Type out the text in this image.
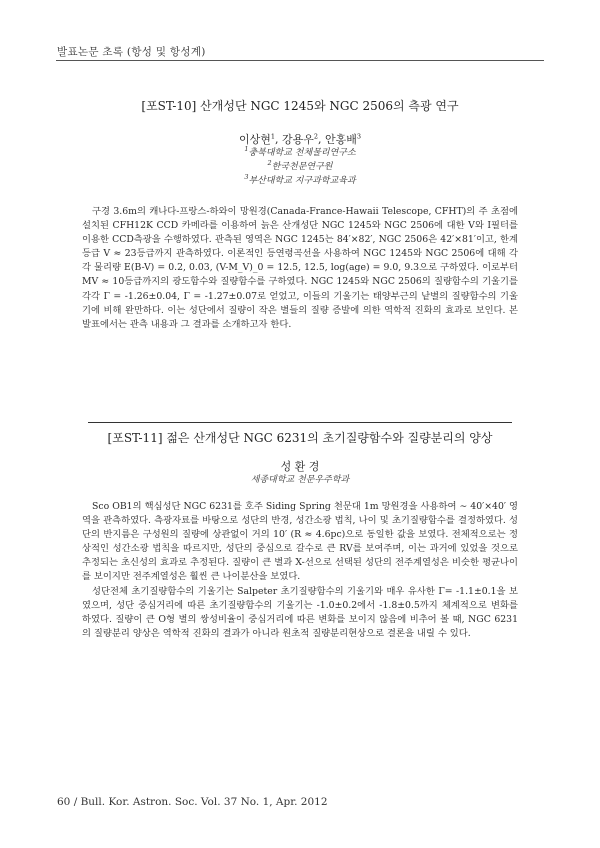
발표논문 초록 (항성 및 항성계)
[포ST-10] 산개성단 NGC 1245와 NGC 2506의 측광 연구
이상현$^1$, 강용우$^2$, 안홍배$^3$
$^1$충북대학교 천체물리연구소
$^2$한국천문연구원
$^3$부산대학교 지구과학교육과

구경 3.6m의 캐나다-프랑스-하와이 망원경(Canada-France-Hawaii Telescope, CFHT)의 주 초점에 설치된 CFH12K CCD 카메라를 이용하여 늙은 산개성단 NGC 1245와 NGC 2506에 대한 V와 I필터를 이용한 CCD측광을 수행하였다. 관측된 영역은 NGC 1245는 84′×82′, NGC 2506은 42′×81′이고, 한계등급 V ≈ 23등급까지 관측하였다. 이론적인 등연령곡선을 사용하여 NGC 1245와 NGC 2506에 대해 각각 물리량 E(B-V) = 0.2, 0.03, (V-M_V)_0 = 12.5, 12.5, log(age) = 9.0, 9.3으로 구하였다. 이로부터 MV ≈ 10등급까지의 광도함수와 질량함수를 구하였다. NGC 1245와 NGC 2506의 질량함수의 기울기를 각각 Γ = -1.26±0.04, Γ = -1.27±0.07로 얻었고, 이들의 기울기는 태양부근의 낱별의 질량함수의 기울기에 비해 완만하다. 이는 성단에서 질량이 작은 별들의 질량 증발에 의한 역학적 진화의 효과로 보인다. 본 발표에서는 관측 내용과 그 결과를 소개하고자 한다.

[포ST-11] 젊은 산개성단 NGC 6231의 초기질량함수와 질량분리의 양상
성 환 경
세종대학교 천문우주학과

Sco OB1의 핵심성단 NGC 6231를 호주 Siding Spring 천문대 1m 망원경을 사용하여 ∼ 40′×40′ 영역을 관측하였다. 측광자료를 바탕으로 성단의 반경, 성간소광 법칙, 나이 및 초기질량함수를 결정하였다. 성단의 반지름은 구성원의 질량에 상관없이 거의 10′ (R ≈ 4.6pc)으로 동일한 값을 보였다. 전체적으로는 정상적인 성간소광 법칙을 따르지만, 성단의 중심으로 갈수로 큰 RV를 보여주며, 이는 과거에 있었을 것으로 추정되는 초신성의 효과로 추정된다. 질량이 큰 별과 X-선으로 선택된 성단의 전주계열성은 비슷한 평균나이를 보이지만 전주계열성은 훨씬 큰 나이분산을 보였다.

성단전체 초기질량함수의 기울기는 Salpeter 초기질량함수의 기울기와 매우 유사한 Γ= -1.1±0.1을 보였으며, 성단 중심거리에 따른 초기질량함수의 기울기는 -1.0±0.2에서 -1.8±0.5까지 체계적으로 변화를 하였다. 질량이 큰 O형 별의 쌍성비율이 중심거리에 따른 변화를 보이지 않음에 비추어 볼 때, NGC 6231의 질량분리 양상은 역학적 진화의 결과가 아니라 원초적 질량분리현상으로 결론을 내릴 수 있다.

60 / Bull. Kor. Astron. Soc. Vol. 37 No. 1, Apr. 2012
